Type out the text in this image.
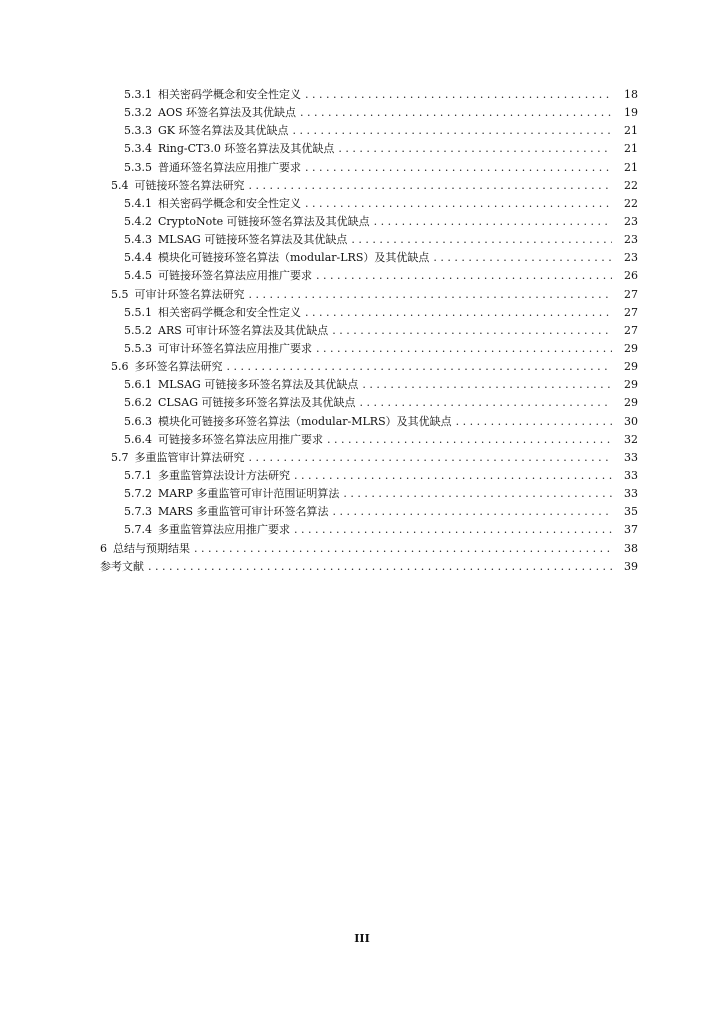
5.3.1 相关密码学概念和安全性定义 . . .	18
5.3.2 AOS 环签名算法及其优缺点 . . .	19
5.3.3 GK 环签名算法及其优缺点 . . .	21
5.3.4 Ring-CT3.0 环签名算法及其优缺点 . . .	21
5.3.5 普通环签名算法应用推广要求 . . .	21
5.4 可链接环签名算法研究 . . .	22
5.4.1 相关密码学概念和安全性定义 . . .	22
5.4.2 CryptoNote 可链接环签名算法及其优缺点 . . .	23
5.4.3 MLSAG 可链接环签名算法及其优缺点 . . .	23
5.4.4 模块化可链接环签名算法（modular-LRS）及其优缺点 . . .	23
5.4.5 可链接环签名算法应用推广要求 . . .	26
5.5 可审计环签名算法研究 . . .	27
5.5.1 相关密码学概念和安全性定义 . . .	27
5.5.2 ARS 可审计环签名算法及其优缺点 . . .	27
5.5.3 可审计环签名算法应用推广要求 . . .	29
5.6 多环签名算法研究 . . .	29
5.6.1 MLSAG 可链接多环签名算法及其优缺点 . . .	29
5.6.2 CLSAG 可链接多环签名算法及其优缺点 . . .	29
5.6.3 模块化可链接多环签名算法（modular-MLRS）及其优缺点 . . .	30
5.6.4 可链接多环签名算法应用推广要求 . . .	32
5.7 多重监管审计算法研究 . . .	33
5.7.1 多重监管算法设计方法研究 . . .	33
5.7.2 MARP 多重监管可审计范围证明算法 . . .	33
5.7.3 MARS 多重监管可审计环签名算法 . . .	35
5.7.4 多重监管算法应用推广要求 . . .	37
6 总结与预期结果 . . .	38
参考文献 . . .	39
III
